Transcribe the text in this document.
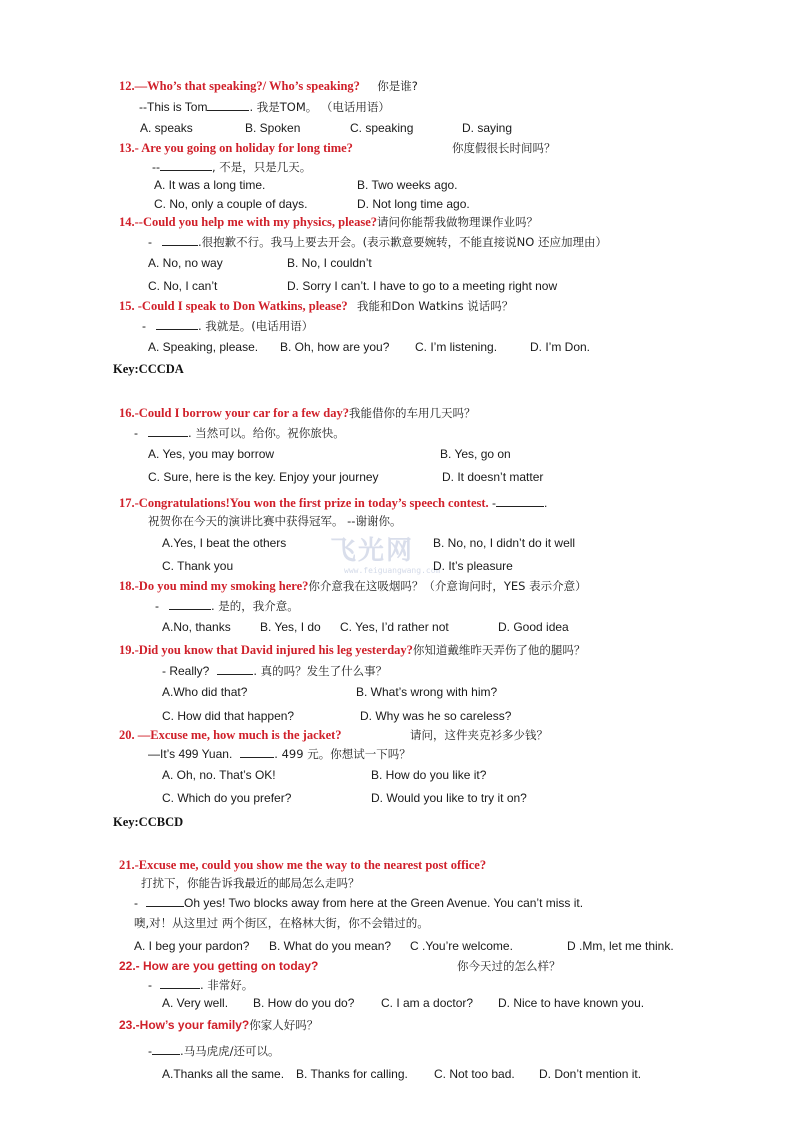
飞光网
www.feiguangwang.com
12.—Who’s that speaking?/ Who’s speaking? 你是谁?
--This is Tom	. 我是TOM。 （电话用语）
A. speaks	B. Spoken	C. speaking	D. saying
13.- Are you going on holiday for long time?	你度假很长时间吗？
--	, 不是，只是几天。
A. It was a long time.	B. Two weeks ago.
C. No, only a couple of days.	D. Not long time ago.
14.--Could you help me with my physics, please?请问你能帮我做物理课作业吗？
-	.很抱歉不行。我马上要去开会。(表示歉意要婉转，不能直接说NO 还应加理由）
A. No, no way	B. No, I couldn’t
C. No, I can’t	D. Sorry I can’t. I have to go to a meeting right now
15. -Could I speak to Don Watkins, please? 我能和Don Watkins 说话吗？
-	. 我就是。(电话用语）
A. Speaking, please. B. Oh, how are you? C. I’m listening.	D. I’m Don.
Key:CCCDA
16.-Could I borrow your car for a few day?我能借你的车用几天吗？
-	. 当然可以。给你。祝你旅快。
A. Yes, you may borrow	B. Yes, go on
C. Sure, here is the key. Enjoy your journey	D. It doesn’t matter
17.-Congratulations!You won the first prize in today’s speech contest. -	.
祝贺你在今天的演讲比赛中获得冠军。 --谢谢你。
A.Yes, I beat the others	B. No, no, I didn’t do it well
C. Thank you	D. It’s pleasure
18.-Do you mind my smoking here?你介意我在这吸烟吗？（介意询问时，YES 表示介意）
-	. 是的，我介意。
A.No, thanks B. Yes, I do C. Yes, I’d rather not	D. Good idea
19.-Did you know that David injured his leg yesterday?你知道戴维昨天弄伤了他的腿吗？
- Really?	. 真的吗？发生了什么事？
A.Who did that?	B. What’s wrong with him?
C. How did that happen?	D. Why was he so careless?
20. —Excuse me, how much is the jacket?	请问，这件夹克衫多少钱？
—It’s 499 Yuan.	. 499 元。你想试一下吗？
A. Oh, no. That’s OK!	B. How do you like it?
C. Which do you prefer?	D. Would you like to try it on?
Key:CCBCD
21.-Excuse me, could you show me the way to the nearest post office?
打扰下，你能告诉我最近的邮局怎么走吗？
-	Oh yes! Two blocks away from here at the Green Avenue. You can’t miss it.
噢,对！从这里过 两个街区，在格林大街，你不会错过的。
A. I beg your pardon? B. What do you mean? C .You’re welcome.	D .Mm, let me think.
22.- How are you getting on today?	你今天过的怎么样？
-	. 非常好。
A. Very well. B. How do you do? C. I am a doctor? D. Nice to have known you.
23.-How’s your family?你家人好吗？
- .马马虎虎/还可以。
A.Thanks all the same. B. Thanks for calling. C. Not too bad. D. Don’t mention it.
